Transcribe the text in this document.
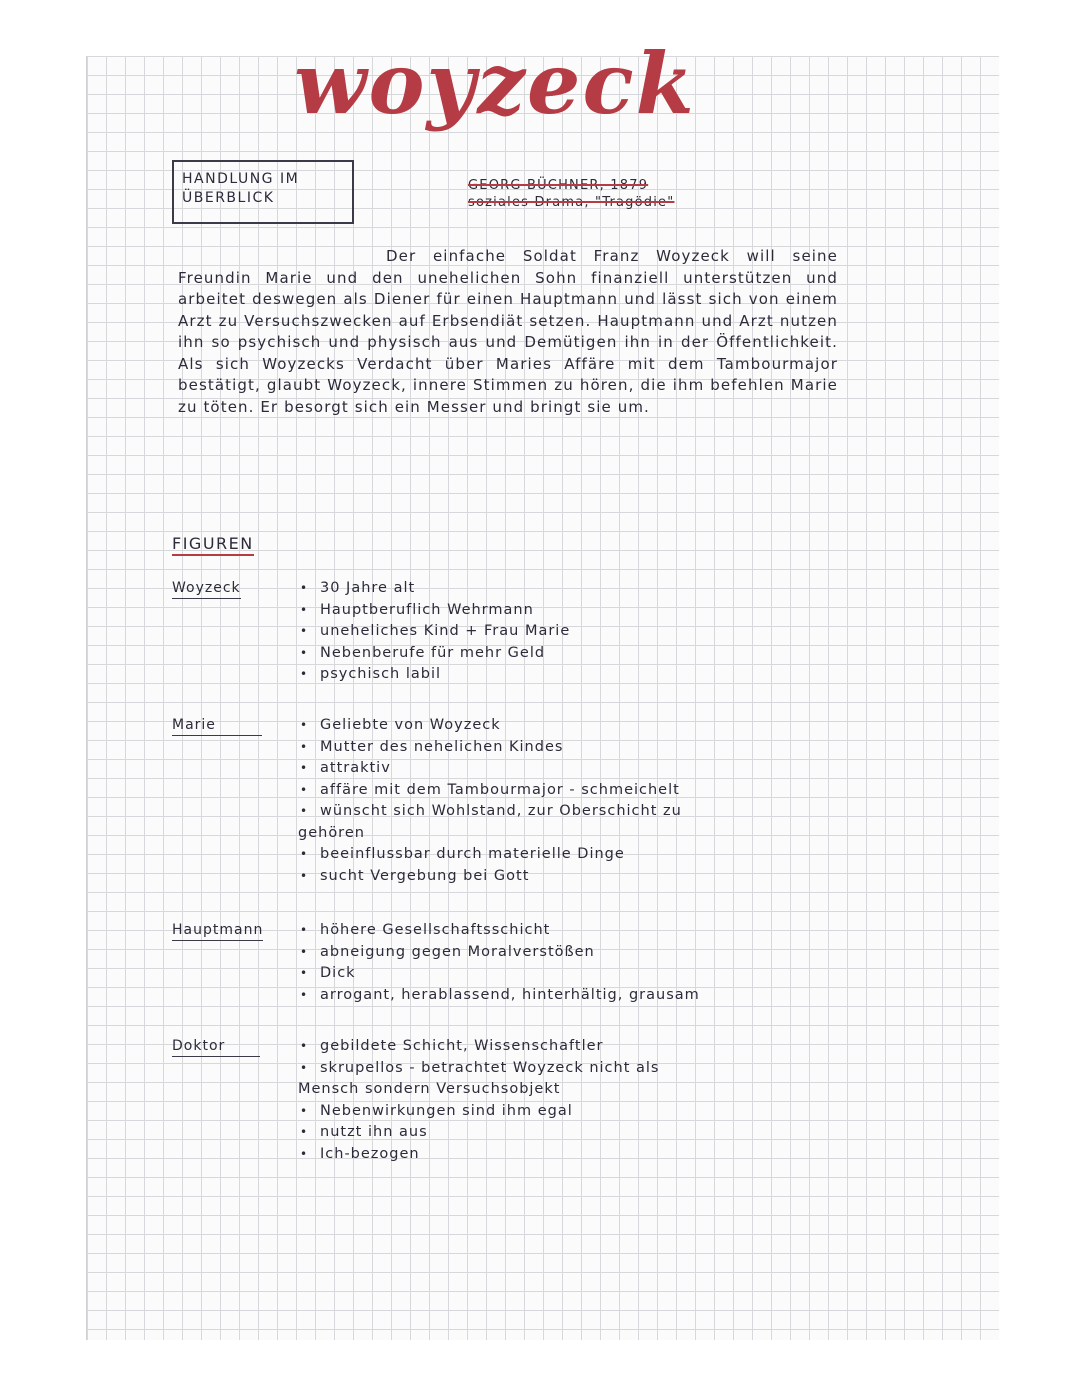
woyzeck
HANDLUNG IM
ÜBERBLICK
GEORG BÜCHNER, 1879
soziales Drama, "Tragödie"
Der einfache Soldat Franz Woyzeck will seine Freundin Marie und den unehelichen Sohn finanziell unterstützen und arbeitet deswegen als Diener für einen Hauptmann und lässt sich von einem Arzt zu Versuchszwecken auf Erbsendiät setzen. Hauptmann und Arzt nutzen ihn so psychisch und physisch aus und Demütigen ihn in der Öffentlichkeit. Als sich Woyzecks Verdacht über Maries Affäre mit dem Tambourmajor bestätigt, glaubt Woyzeck, innere Stimmen zu hören, die ihm befehlen Marie zu töten. Er besorgt sich ein Messer und bringt sie um.
FIGUREN
Woyzeck	• 30 Jahre alt
• Hauptberuflich Wehrmann
• uneheliches Kind + Frau Marie
• Nebenberufe für mehr Geld
• psychisch labil
Marie	• Geliebte von Woyzeck
• Mutter des nehelichen Kindes
• attraktiv
• affäre mit dem Tambourmajor - schmeichelt
• wünscht sich Wohlstand, zur Oberschicht zu
gehören
• beeinflussbar durch materielle Dinge
• sucht Vergebung bei Gott
Hauptmann	• höhere Gesellschaftsschicht
• abneigung gegen Moralverstößen
• Dick
• arrogant, herablassend, hinterhältig, grausam
Doktor	• gebildete Schicht, Wissenschaftler
• skrupellos - betrachtet Woyzeck nicht als
Mensch sondern Versuchsobjekt
• Nebenwirkungen sind ihm egal
• nutzt ihn aus
• Ich-bezogen
